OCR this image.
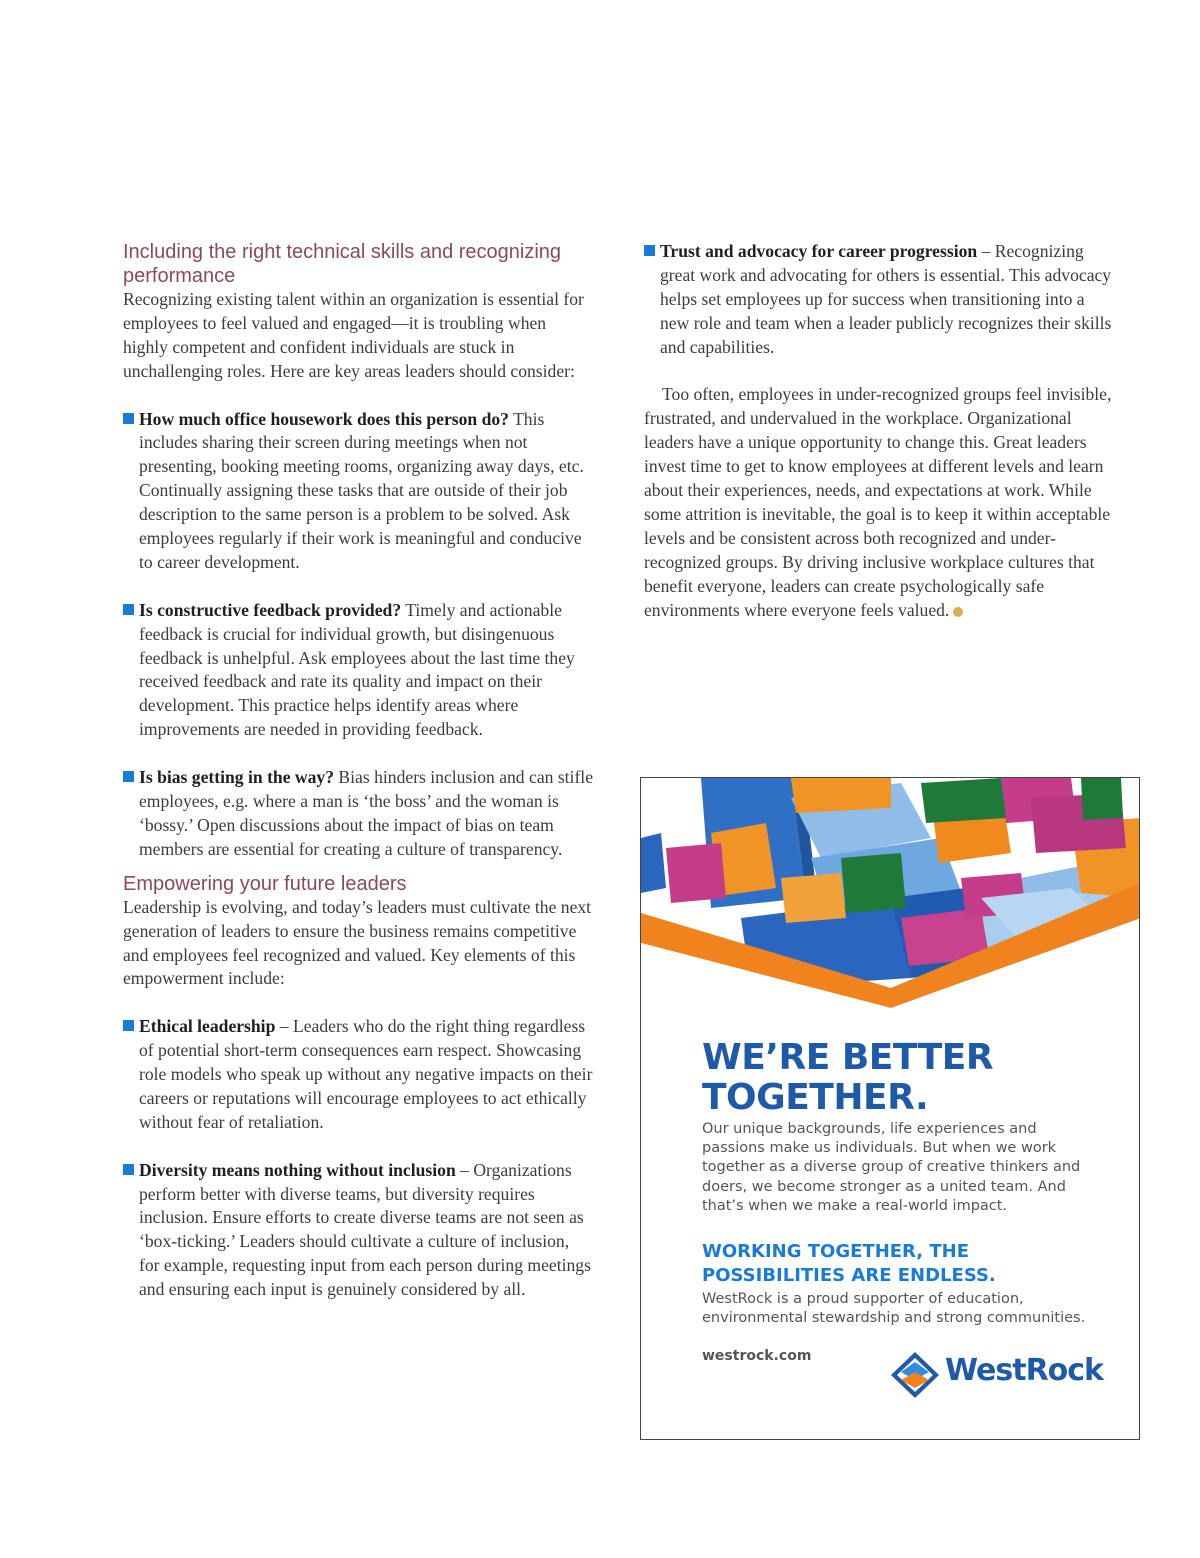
Including the right technical skills and recognizing performance

Recognizing existing talent within an organization is essential for employees to feel valued and engaged—it is troubling when highly competent and confident individuals are stuck in unchallenging roles. Here are key areas leaders should consider:

How much office housework does this person do? This includes sharing their screen during meetings when not presenting, booking meeting rooms, organizing away days, etc. Continually assigning these tasks that are outside of their job description to the same person is a problem to be solved. Ask employees regularly if their work is meaningful and conducive to career development.

Is constructive feedback provided? Timely and actionable feedback is crucial for individual growth, but disingenuous feedback is unhelpful. Ask employees about the last time they received feedback and rate its quality and impact on their development. This practice helps identify areas where improvements are needed in providing feedback.

Is bias getting in the way? Bias hinders inclusion and can stifle employees, e.g. where a man is ‘the boss’ and the woman is ‘bossy.’ Open discussions about the impact of bias on team members are essential for creating a culture of transparency.

Empowering your future leaders

Leadership is evolving, and today’s leaders must cultivate the next generation of leaders to ensure the business remains competitive and employees feel recognized and valued. Key elements of this empowerment include:

Ethical leadership – Leaders who do the right thing regardless of potential short-term consequences earn respect. Showcasing role models who speak up without any negative impacts on their careers or reputations will encourage employees to act ethically without fear of retaliation.

Diversity means nothing without inclusion – Organizations perform better with diverse teams, but diversity requires inclusion. Ensure efforts to create diverse teams are not seen as ‘box-ticking.’ Leaders should cultivate a culture of inclusion, for example, requesting input from each person during meetings and ensuring each input is genuinely considered by all.

Trust and advocacy for career progression – Recognizing great work and advocating for others is essential. This advocacy helps set employees up for success when transitioning into a new role and team when a leader publicly recognizes their skills and capabilities.

Too often, employees in under-recognized groups feel invisible, frustrated, and undervalued in the workplace. Organizational leaders have a unique opportunity to change this. Great leaders invest time to get to know employees at different levels and learn about their experiences, needs, and expectations at work. While some attrition is inevitable, the goal is to keep it within acceptable levels and be consistent across both recognized and under-recognized groups. By driving inclusive workplace cultures that benefit everyone, leaders can create psychologically safe environments where everyone feels valued.	●

WE’RE BETTER
TOGETHER.

Our unique backgrounds, life experiences and passions make us individuals. But when we work together as a diverse group of creative thinkers and doers, we become stronger as a united team. And that’s when we make a real-world impact.

WORKING TOGETHER, THE
POSSIBILITIES ARE ENDLESS.

WestRock is a proud supporter of education, environmental stewardship and strong communities.

westrock.com	WestRock
